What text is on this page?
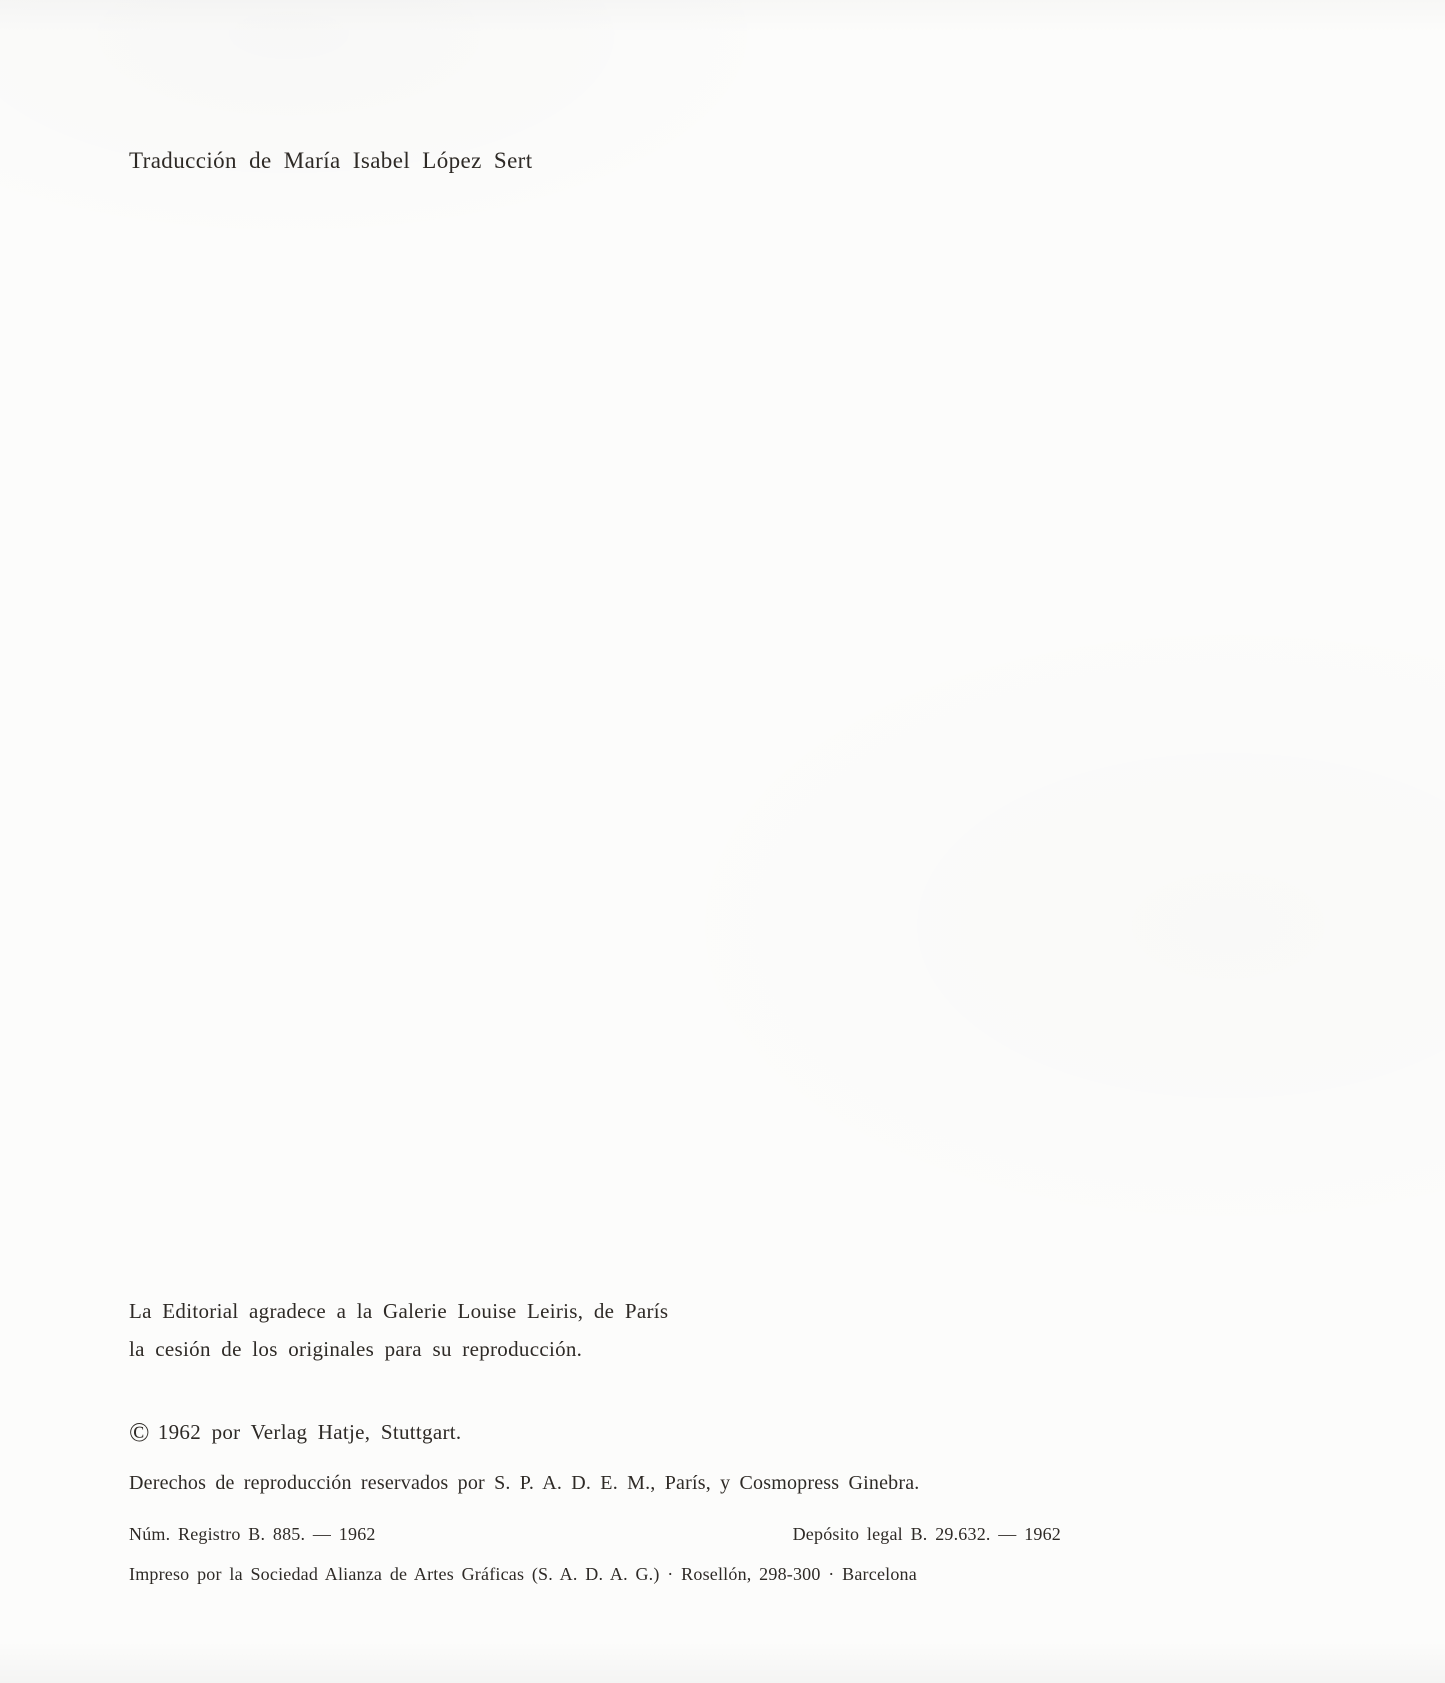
Traducción de María Isabel López Sert

La Editorial agradece a la Galerie Louise Leiris, de París

la cesión de los originales para su reproducción.

© 1962 por Verlag Hatje, Stuttgart.

Derechos de reproducción reservados por S. P. A. D. E. M., París, y Cosmopress Ginebra.

Núm. Registro B. 885. — 1962	Depósito legal B. 29.632. — 1962

Impreso por la Sociedad Alianza de Artes Gráficas (S. A. D. A. G.) · Rosellón, 298-300 · Barcelona
